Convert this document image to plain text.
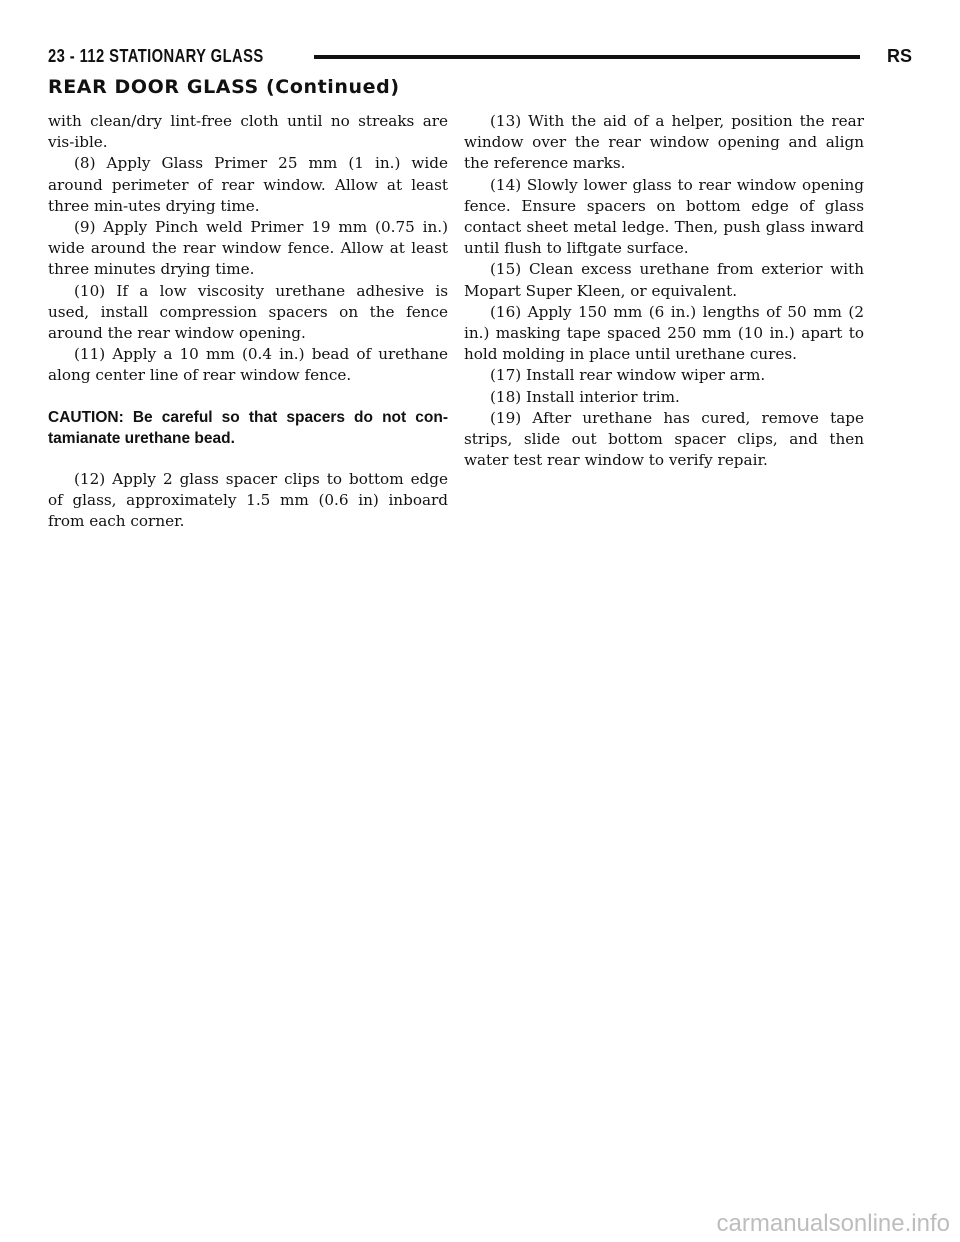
23 - 112 STATIONARY GLASS	RS
REAR DOOR GLASS (Continued)

with clean/dry lint-free cloth until no streaks are vis-ible.

(8) Apply Glass Primer 25 mm (1 in.) wide around perimeter of rear window. Allow at least three min-utes drying time.

(9) Apply Pinch weld Primer 19 mm (0.75 in.) wide around the rear window fence. Allow at least three minutes drying time.

(10) If a low viscosity urethane adhesive is used, install compression spacers on the fence around the rear window opening.

(11) Apply a 10 mm (0.4 in.) bead of urethane along center line of rear window fence.

CAUTION: Be careful so that spacers do not con-tamianate urethane bead.

(12) Apply 2 glass spacer clips to bottom edge of glass, approximately 1.5 mm (0.6 in) inboard from each corner.

(13) With the aid of a helper, position the rear window over the rear window opening and align the reference marks.

(14) Slowly lower glass to rear window opening fence. Ensure spacers on bottom edge of glass contact sheet metal ledge. Then, push glass inward until flush to liftgate surface.

(15) Clean excess urethane from exterior with Mopart Super Kleen, or equivalent.

(16) Apply 150 mm (6 in.) lengths of 50 mm (2 in.) masking tape spaced 250 mm (10 in.) apart to hold molding in place until urethane cures.

(17) Install rear window wiper arm.

(18) Install interior trim.

(19) After urethane has cured, remove tape strips, slide out bottom spacer clips, and then water test rear window to verify repair.

carmanualsonline.info
